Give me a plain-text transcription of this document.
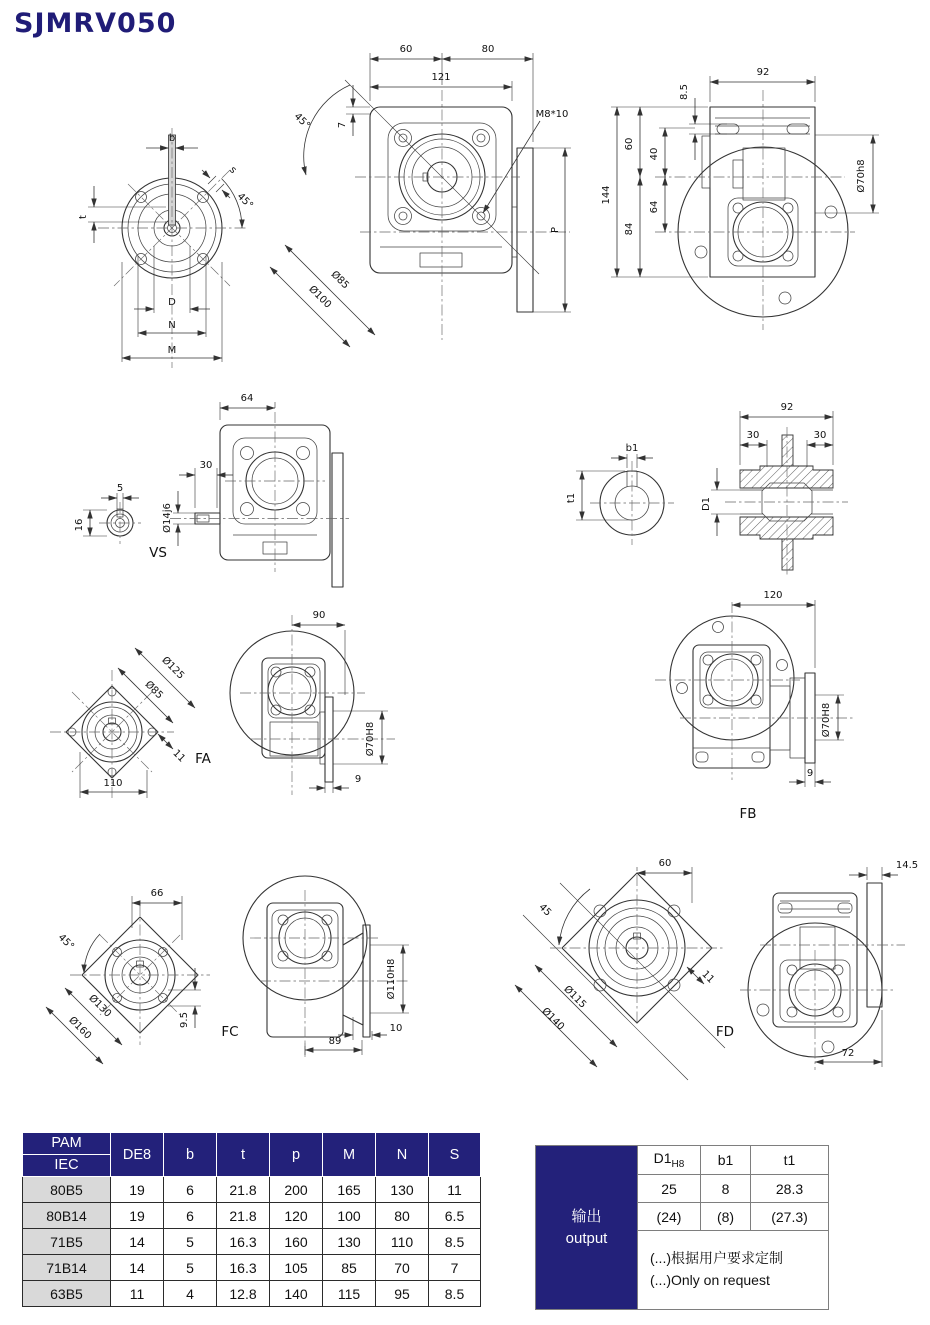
SJMRV050
b
s
45°
t
D
N
M
60	80
121
7
45°
Ø85
Ø100
M8*10
P
92
8.5
144
60
84
40
64
Ø70h8
5
16
VS
64
30
Ø14j6
b1
t1
92
30	30
D1
Ø125
Ø85
110
11 FA
90
Ø70H8
9
120
Ø70H8
9
FB
66
45°
Ø130
Ø160	9.5
FC
Ø110H8
10
89
60
45
Ø115
Ø140
11
FD
14.5
72
PAM
IEC	DE8	b	t	p	M	N	S
80B5	19	6	21.8	200	165	130	11
80B14	19	6	21.8	120	100	80	6.5
71B5	14	5	16.3	160	130	110	8.5
71B14	14	5	16.3	105	85	70	7
63B5	11	4	12.8	140	115	95	8.5
输出
output	$D1_{H8}$	b1	t1
	25	8	28.3
	(24)	(8)	(27.3)

	(...)根据用户要求定制
(...)Only on request		
